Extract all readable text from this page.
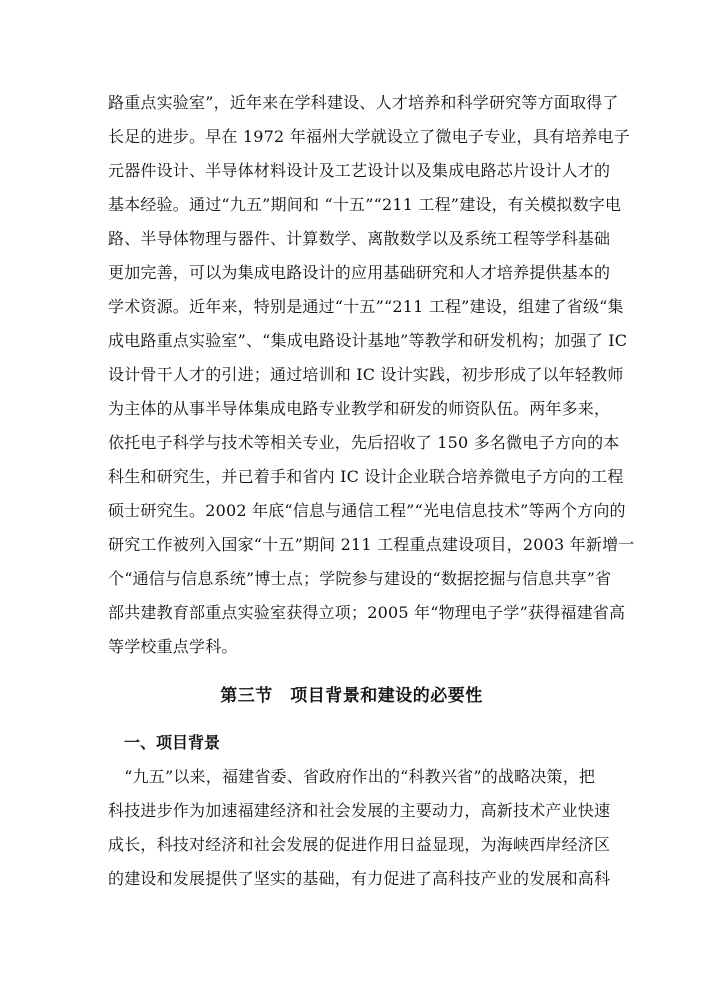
路重点实验室”，近年来在学科建设、人才培养和科学研究等方面取得了
长足的进步。早在 1972 年福州大学就设立了微电子专业，具有培养电子
元器件设计、半导体材料设计及工艺设计以及集成电路芯片设计人才的
基本经验。通过“九五”期间和 “十五”“211 工程”建设，有关模拟数字电
路、半导体物理与器件、计算数学、离散数学以及系统工程等学科基础
更加完善，可以为集成电路设计的应用基础研究和人才培养提供基本的
学术资源。近年来，特别是通过“十五”“211 工程”建设，组建了省级“集
成电路重点实验室”、“集成电路设计基地”等教学和研发机构；加强了 IC
设计骨干人才的引进；通过培训和 IC 设计实践，初步形成了以年轻教师
为主体的从事半导体集成电路专业教学和研发的师资队伍。两年多来，
依托电子科学与技术等相关专业，先后招收了 150 多名微电子方向的本
科生和研究生，并已着手和省内 IC 设计企业联合培养微电子方向的工程
硕士研究生。2002 年底“信息与通信工程”“光电信息技术”等两个方向的
研究工作被列入国家“十五”期间 211 工程重点建设项目，2003 年新增一
个“通信与信息系统”博士点；学院参与建设的“数据挖掘与信息共享”省
部共建教育部重点实验室获得立项；2005 年“物理电子学”获得福建省高
等学校重点学科。
第三节　项目背景和建设的必要性
一、项目背景
　“九五”以来，福建省委、省政府作出的“科教兴省”的战略决策，把
科技进步作为加速福建经济和社会发展的主要动力，高新技术产业快速
成长，科技对经济和社会发展的促进作用日益显现，为海峡西岸经济区
的建设和发展提供了坚实的基础，有力促进了高科技产业的发展和高科
